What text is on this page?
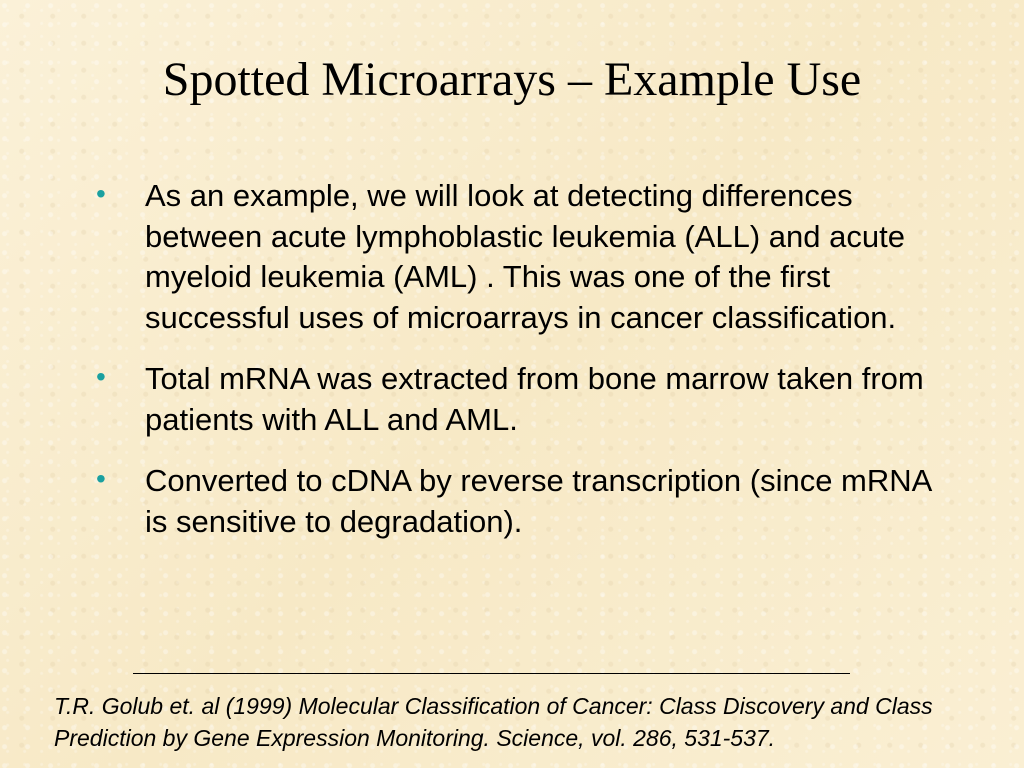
Spotted Microarrays – Example Use
• As an example, we will look at detecting differences between acute lymphoblastic leukemia (ALL) and acute myeloid leukemia (AML) . This was one of the first successful uses of microarrays in cancer classification.
• Total mRNA was extracted from bone marrow taken from patients with ALL and AML.
• Converted to cDNA by reverse transcription (since mRNA is sensitive to degradation).

T.R. Golub et. al (1999) Molecular Classification of Cancer: Class Discovery and Class Prediction by Gene Expression Monitoring. Science, vol. 286, 531-537.
